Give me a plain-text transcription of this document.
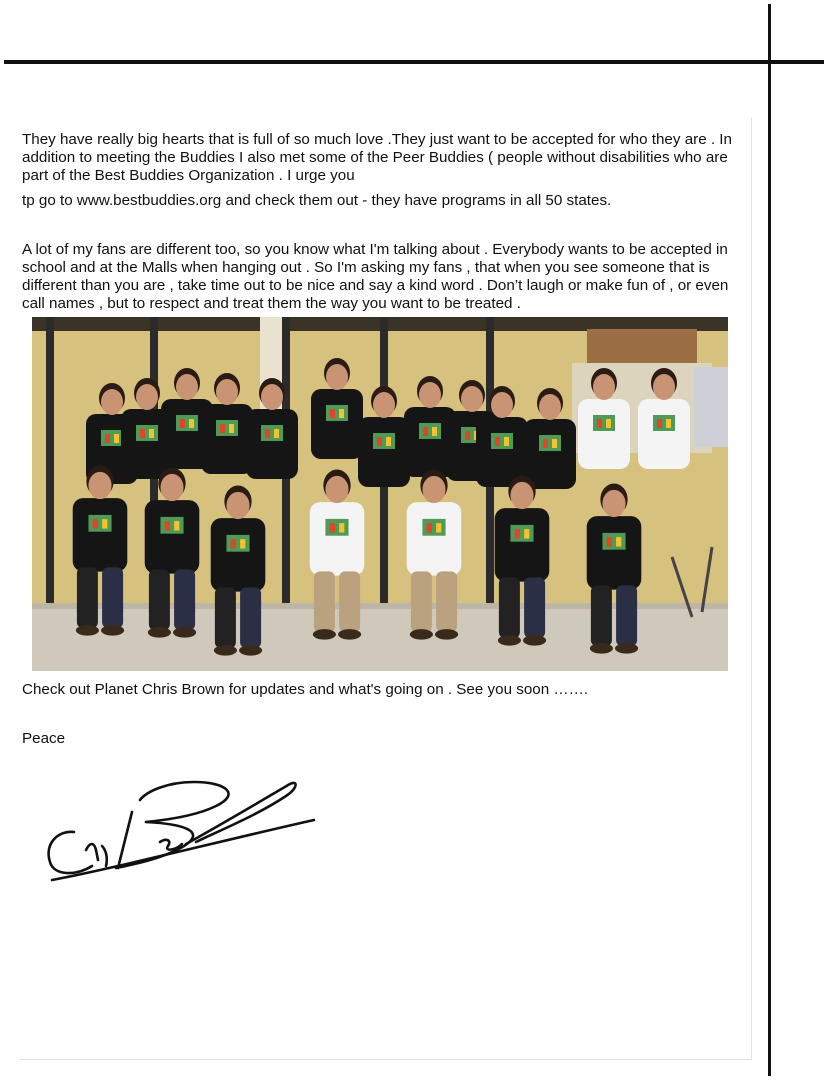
They have really big hearts that is full of so much love .They just want to be accepted for who they are . In addition to meeting the Buddies I also met some of the Peer Buddies ( people without disabilities who are part of the Best Buddies Organization . I urge you

tp go to www.bestbuddies.org and check them out - they have programs in all 50 states.

A lot of my fans are different too, so you know what I'm talking about . Everybody wants to be accepted in school and at the Malls when hanging out . So I'm asking my fans , that when you see someone that is different than you are , take time out to be nice and say a kind word . Don’t laugh or make fun of , or even call names , but to respect and treat them the way you want to be treated .

Check out Planet Chris Brown for updates and what's going on . See you soon …….

Peace
